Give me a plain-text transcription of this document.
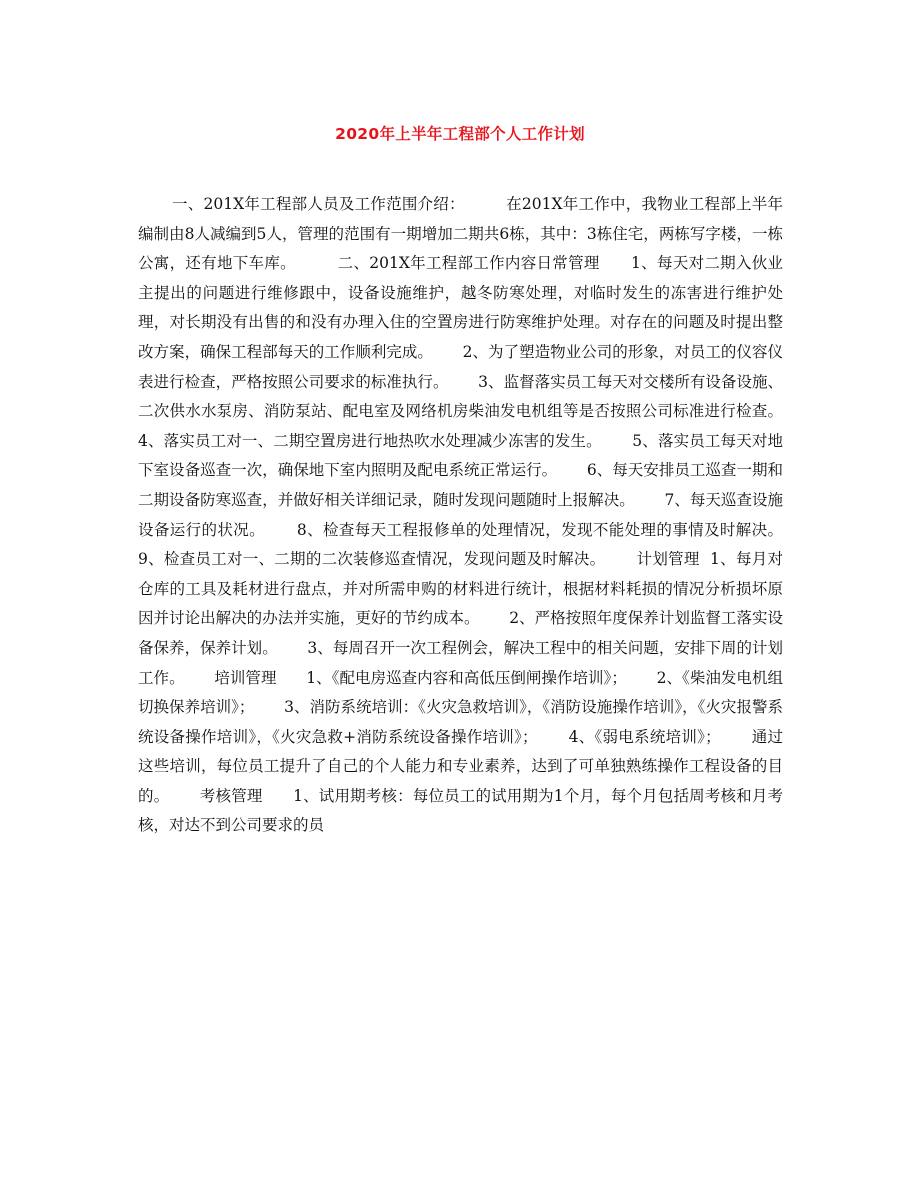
2020年上半年工程部个人工作计划

一、201X年工程部人员及工作范围介绍：        在201X年工作中，我物业工程部上半年编制由8人减编到5人，管理的范围有一期增加二期共6栋，其中：3栋住宅，两栋写字楼，一栋公寓，还有地下车库。        二、201X年工程部工作内容日常管理      1、每天对二期入伙业主提出的问题进行维修跟中，设备设施维护，越冬防寒处理，对临时发生的冻害进行维护处理，对长期没有出售的和没有办理入住的空置房进行防寒维护处理。对存在的问题及时提出整改方案，确保工程部每天的工作顺利完成。      2、为了塑造物业公司的形象，对员工的仪容仪表进行检查，严格按照公司要求的标准执行。      3、监督落实员工每天对交楼所有设备设施、二次供水水泵房、消防泵站、配电室及网络机房柴油发电机组等是否按照公司标准进行检查。      4、落实员工对一、二期空置房进行地热吹水处理减少冻害的发生。      5、落实员工每天对地下室设备巡查一次，确保地下室内照明及配电系统正常运行。      6、每天安排员工巡查一期和二期设备防寒巡查，并做好相关详细记录，随时发现问题随时上报解决。      7、每天巡查设施设备运行的状况。      8、检查每天工程报修单的处理情况，发现不能处理的事情及时解决。  9、检查员工对一、二期的二次装修巡查情况，发现问题及时解决。      计划管理  1、每月对仓库的工具及耗材进行盘点，并对所需申购的材料进行统计，根据材料耗损的情况分析损坏原因并讨论出解决的办法并实施，更好的节约成本。      2、严格按照年度保养计划监督工落实设备保养，保养计划。      3、每周召开一次工程例会，解决工程中的相关问题，安排下周的计划工作。      培训管理      1、《配电房巡查内容和高低压倒闸操作培训》；      2、《柴油发电机组切换保养培训》；      3、消防系统培训：《火灾急救培训》，《消防设施操作培训》，《火灾报警系统设备操作培训》，《火灾急救+消防系统设备操作培训》；      4、《弱电系统培训》；      通过这些培训，每位员工提升了自己的个人能力和专业素养，达到了可单独熟练操作工程设备的目的。      考核管理      1、试用期考核：每位员工的试用期为1个月，每个月包括周考核和月考核，对达不到公司要求的员
